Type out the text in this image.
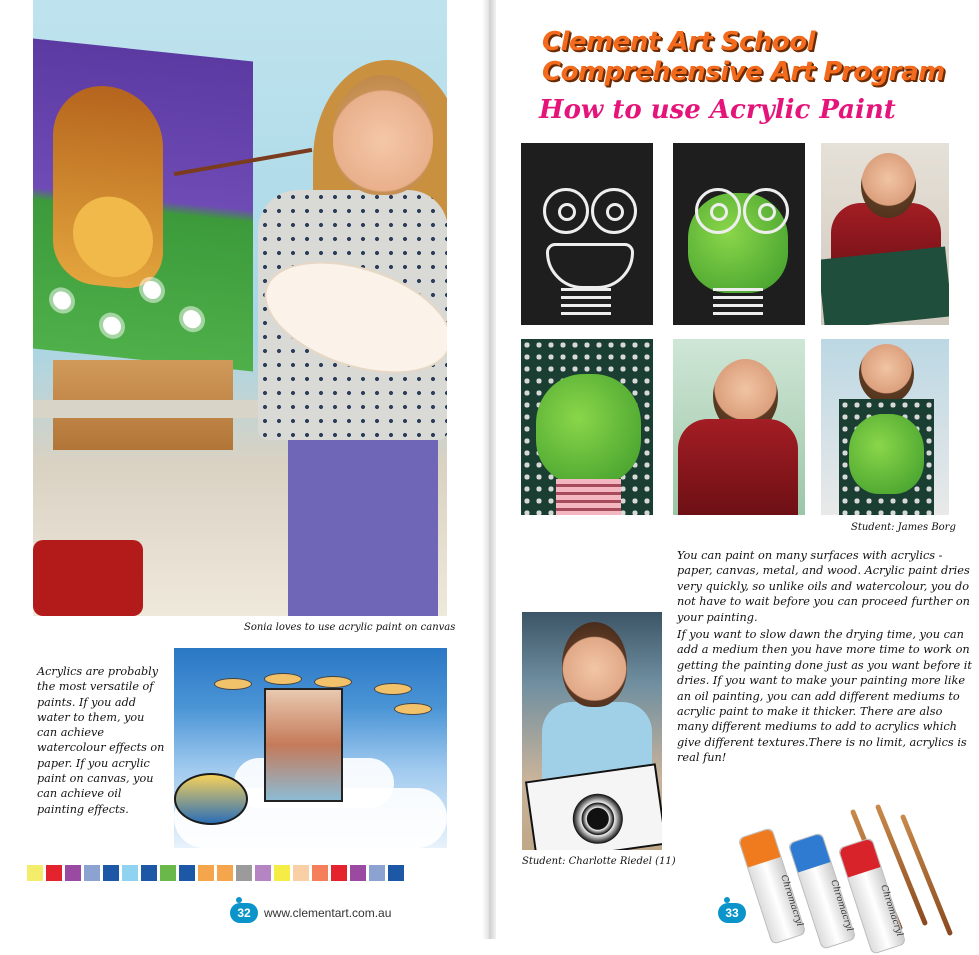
Sonia loves to use acrylic paint on canvas

Acrylics are probably the most versatile of paints. If you add water to them, you can achieve watercolour effects on paper. If you acrylic paint on canvas, you can achieve oil painting effects.

32	www.clementart.com.au
Clement Art School
Comprehensive Art Program
How to use Acrylic Paint
Student: James Borg

You can paint on many surfaces with acrylics - paper, canvas, metal, and wood. Acrylic paint dries very quickly, so unlike oils and watercolour, you do not have to wait before you can proceed further on your painting.

If you want to slow dawn the drying time, you can add a medium then you have more time to work on getting the painting done just as you want before it dries. If you want to make your painting more like an oil painting, you can add different mediums to acrylic paint to make it thicker. There are also many different mediums to add to acrylics which give different textures.There is no limit, acrylics is real fun!

Student: Charlotte Riedel (11)
Chromacryl	Chromacryl	Chromacryl
33
